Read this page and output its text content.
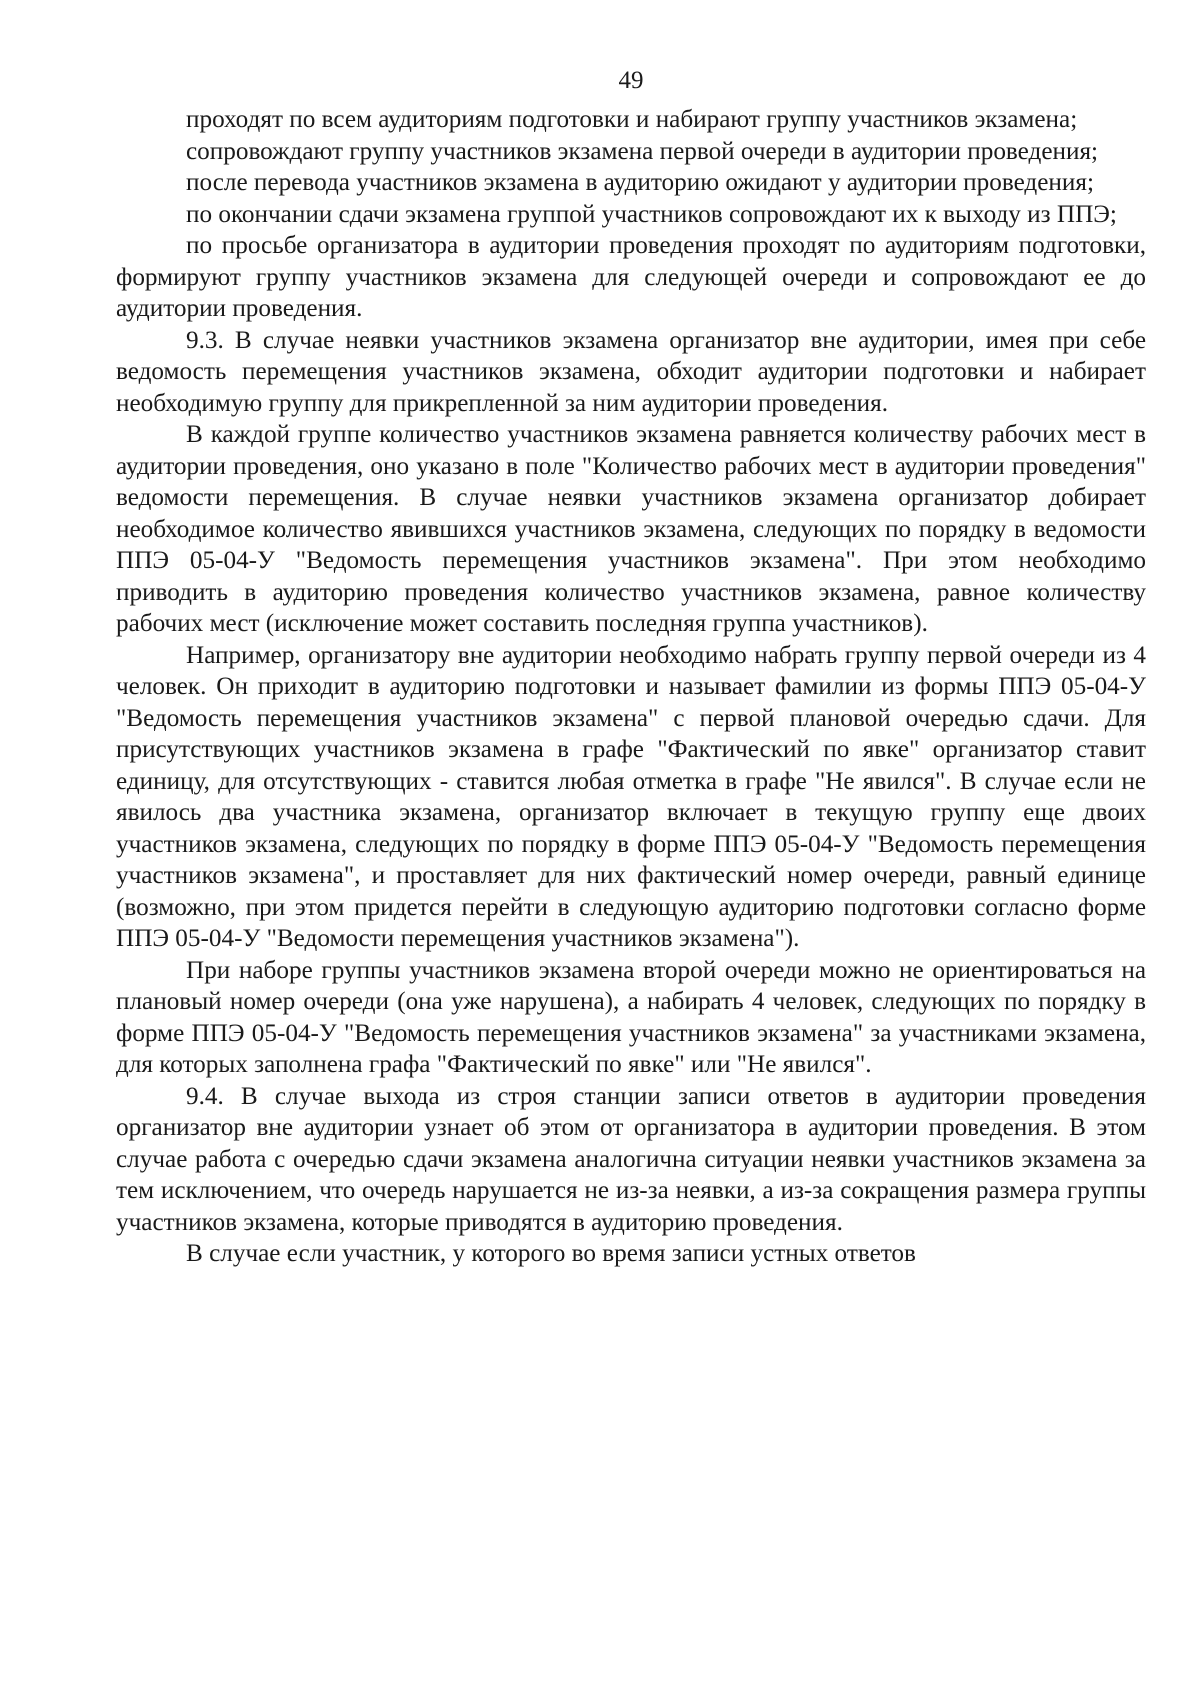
49

проходят по всем аудиториям подготовки и набирают группу участников экзамена;

сопровождают группу участников экзамена первой очереди в аудитории проведения;

после перевода участников экзамена в аудиторию ожидают у аудитории проведения;

по окончании сдачи экзамена группой участников сопровождают их к выходу из ППЭ;

по просьбе организатора в аудитории проведения проходят по аудиториям подготовки, формируют группу участников экзамена для следующей очереди и сопровождают ее до аудитории проведения.

9.3. В случае неявки участников экзамена организатор вне аудитории, имея при себе ведомость перемещения участников экзамена, обходит аудитории подготовки и набирает необходимую группу для прикрепленной за ним аудитории проведения.

В каждой группе количество участников экзамена равняется количеству рабочих мест в аудитории проведения, оно указано в поле "Количество рабочих мест в аудитории проведения" ведомости перемещения. В случае неявки участников экзамена организатор добирает необходимое количество явившихся участников экзамена, следующих по порядку в ведомости ППЭ 05-04-У "Ведомость перемещения участников экзамена". При этом необходимо приводить в аудиторию проведения количество участников экзамена, равное количеству рабочих мест (исключение может составить последняя группа участников).

Например, организатору вне аудитории необходимо набрать группу первой очереди из 4 человек. Он приходит в аудиторию подготовки и называет фамилии из формы ППЭ 05-04-У "Ведомость перемещения участников экзамена" с первой плановой очередью сдачи. Для присутствующих участников экзамена в графе "Фактический по явке" организатор ставит единицу, для отсутствующих - ставится любая отметка в графе "Не явился". В случае если не явилось два участника экзамена, организатор включает в текущую группу еще двоих участников экзамена, следующих по порядку в форме ППЭ 05-04-У "Ведомость перемещения участников экзамена", и проставляет для них фактический номер очереди, равный единице (возможно, при этом придется перейти в следующую аудиторию подготовки согласно форме ППЭ 05-04-У "Ведомости перемещения участников экзамена").

При наборе группы участников экзамена второй очереди можно не ориентироваться на плановый номер очереди (она уже нарушена), а набирать 4 человек, следующих по порядку в форме ППЭ 05-04-У "Ведомость перемещения участников экзамена" за участниками экзамена, для которых заполнена графа "Фактический по явке" или "Не явился".

9.4. В случае выхода из строя станции записи ответов в аудитории проведения организатор вне аудитории узнает об этом от организатора в аудитории проведения. В этом случае работа с очередью сдачи экзамена аналогична ситуации неявки участников экзамена за тем исключением, что очередь нарушается не из-за неявки, а из-за сокращения размера группы участников экзамена, которые приводятся в аудиторию проведения.

В случае если участник, у которого во время записи устных ответов
